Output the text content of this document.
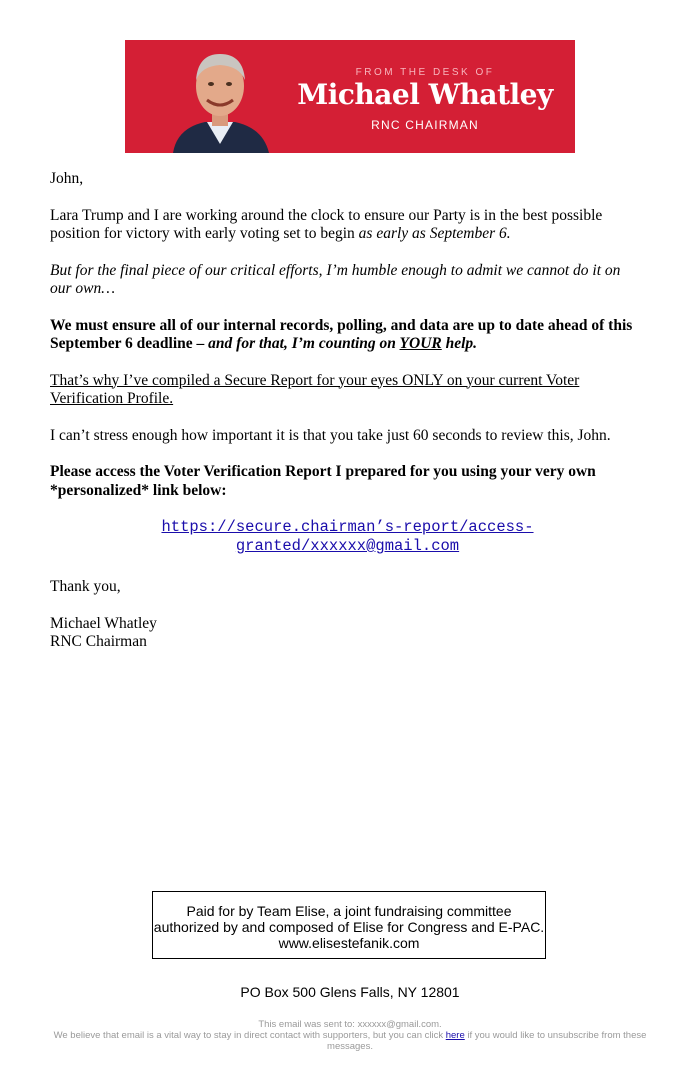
FROM THE DESK OF
Michael Whatley
RNC CHAIRMAN

John,

Lara Trump and I are working around the clock to ensure our Party is in the best possible position for victory with early voting set to begin as early as September 6.

But for the final piece of our critical efforts, I’m humble enough to admit we cannot do it on our own…

We must ensure all of our internal records, polling, and data are up to date ahead of this September 6 deadline – and for that, I’m counting on YOUR help.

That’s why I’ve compiled a Secure Report for your eyes ONLY on your current Voter Verification Profile.

I can’t stress enough how important it is that you take just 60 seconds to review this, John.

Please access the Voter Verification Report I prepared for you using your very own *personalized* link below:

https://secure.chairman’s-report/access-
granted/xxxxxx@gmail.com

Thank you,

Michael Whatley
RNC Chairman

Paid for by Team Elise, a joint fundraising committee authorized by and composed of Elise for Congress and E-PAC. www.elisestefanik.com
PO Box 500 Glens Falls, NY 12801
This email was sent to: xxxxxx@gmail.com.
We believe that email is a vital way to stay in direct contact with supporters, but you can click here if you would like to unsubscribe from these messages.
